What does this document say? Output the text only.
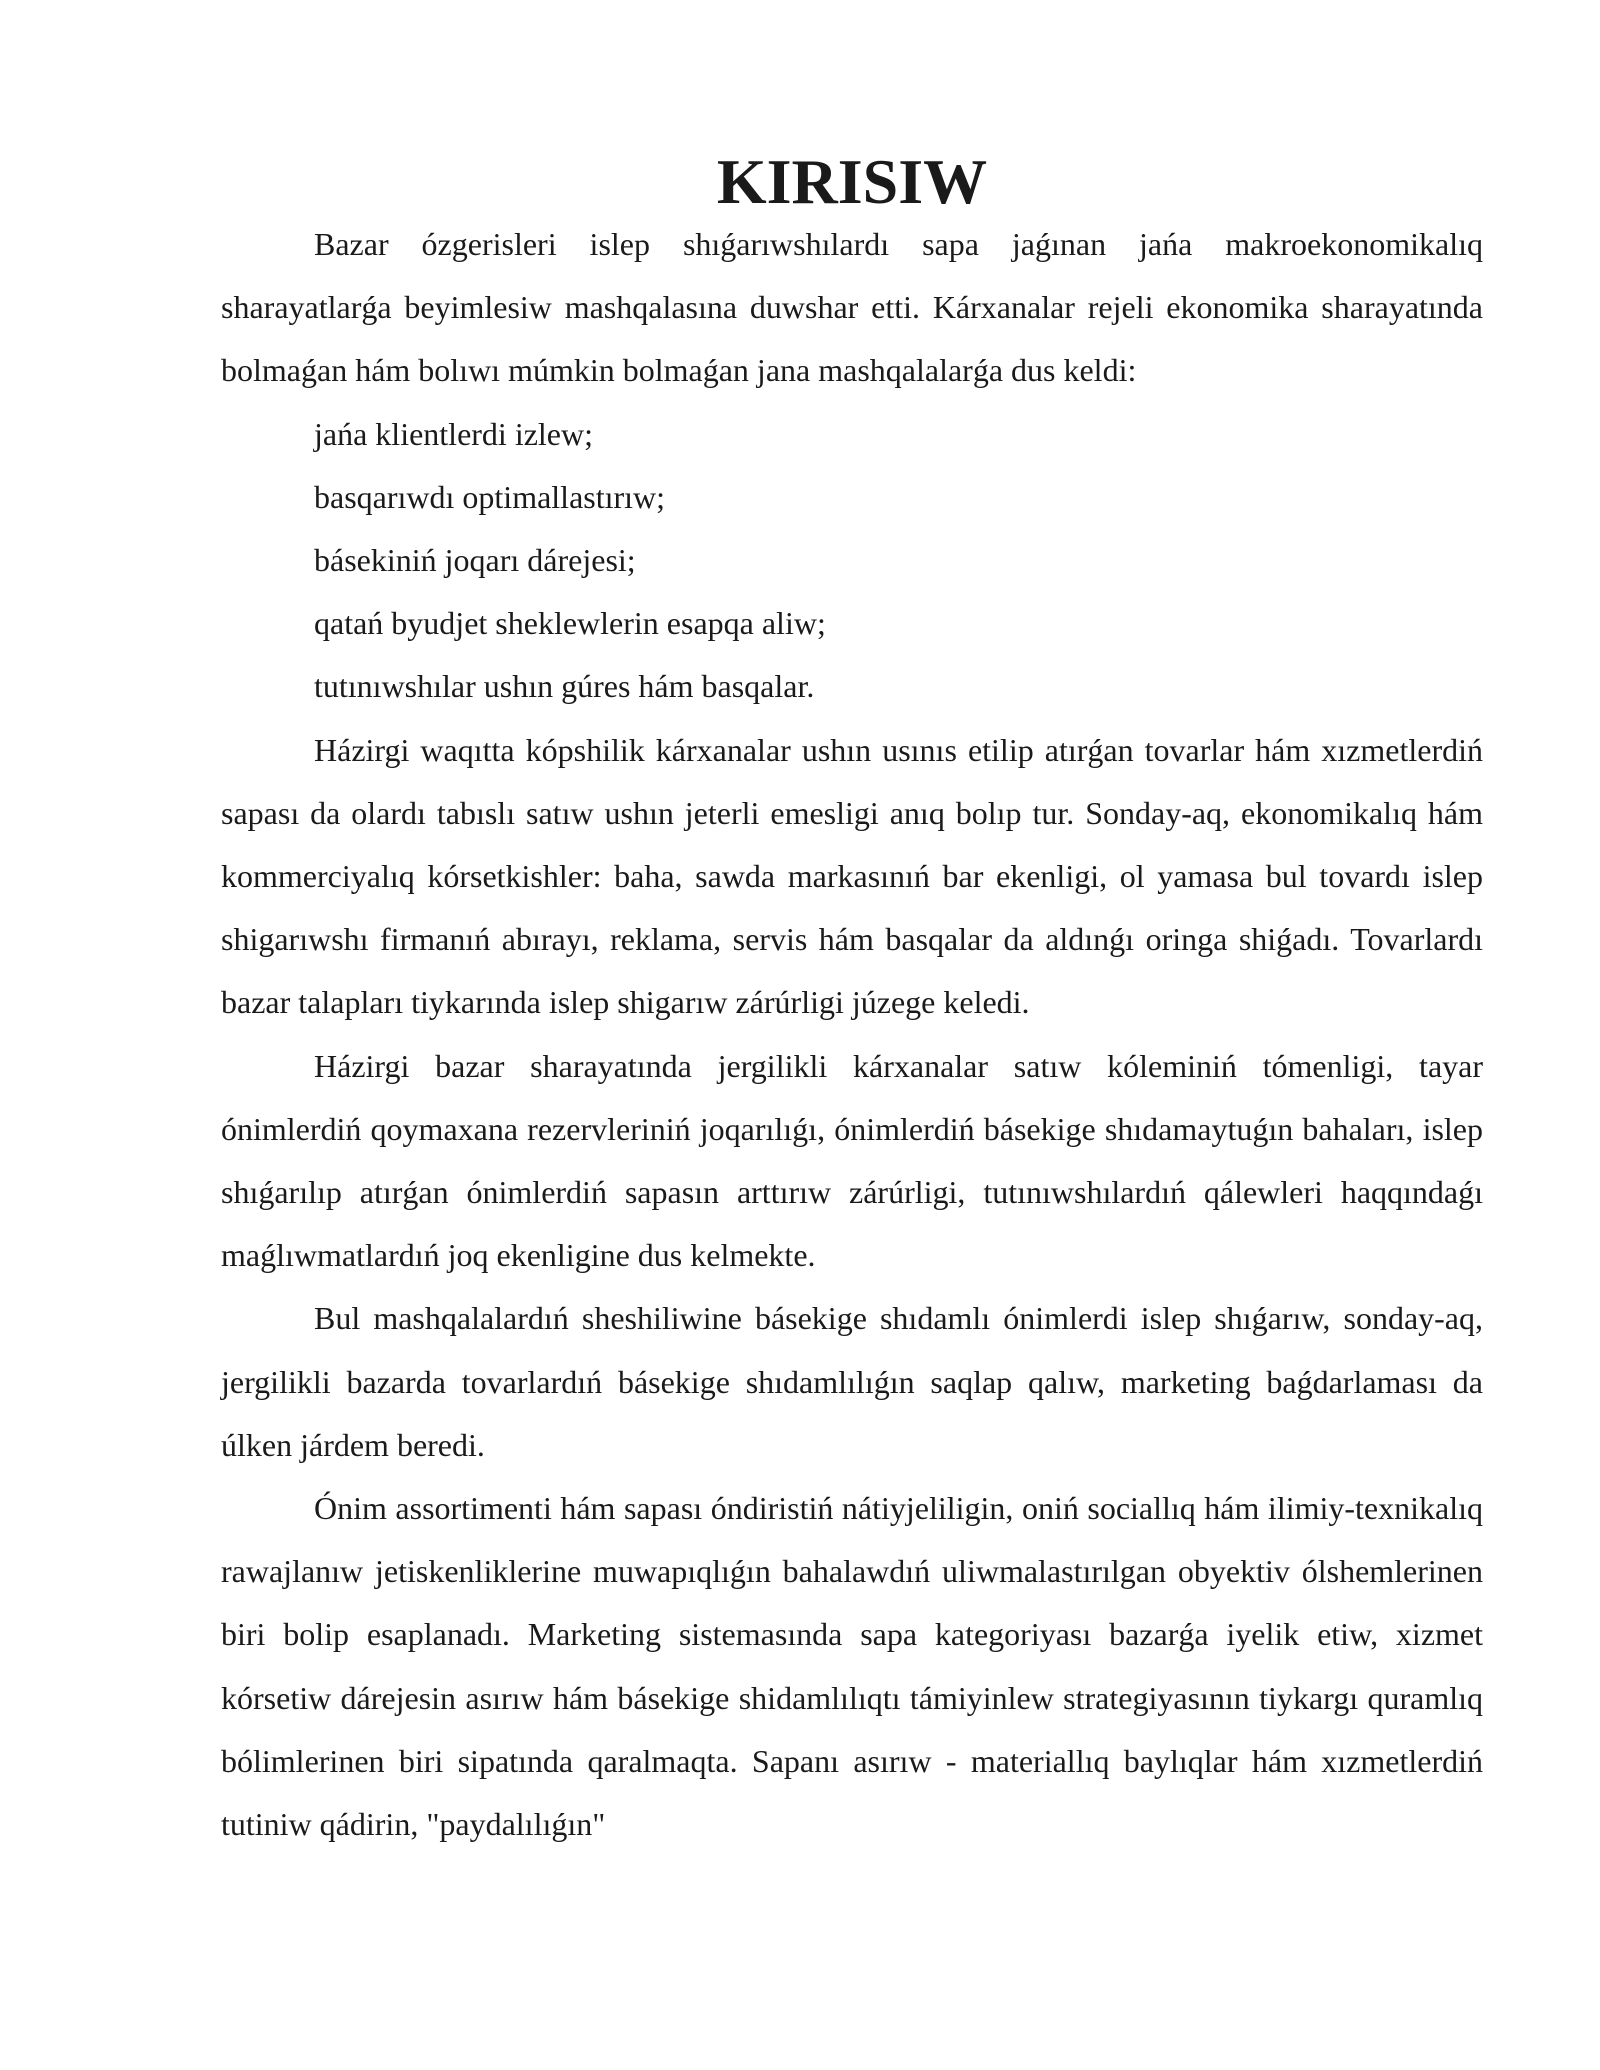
KIRISIW

Bazar ózgerisleri islep shıǵarıwshılardı sapa jaǵınan jańa makroekonomikalıq sharayatlarǵa beyimlesiw mashqalasına duwshar etti. Kárxanalar rejeli ekonomika sharayatında bolmaǵan hám bolıwı múmkin bolmaǵan jana mashqalalarǵa dus keldi:

jańa klientlerdi izlew;

basqarıwdı optimallastırıw;

básekiniń joqarı dárejesi;

qatań byudjet sheklewlerin esapqa aliw;

tutınıwshılar ushın gúres hám basqalar.

Házirgi waqıtta kópshilik kárxanalar ushın usınıs etilip atırǵan tovarlar hám xızmetlerdiń sapası da olardı tabıslı satıw ushın jeterli emesligi anıq bolıp tur. Sonday-aq, ekonomikalıq hám kommerciyalıq kórsetkishler: baha, sawda markasınıń bar ekenligi, ol yamasa bul tovardı islep shigarıwshı firmanıń abırayı, reklama, servis hám basqalar da aldınǵı oringa shiǵadı. Tovarlardı bazar talapları tiykarında islep shigarıw zárúrligi júzege keledi.

Házirgi bazar sharayatında jergilikli kárxanalar satıw kóleminiń tómenligi, tayar ónimlerdiń qoymaxana rezervleriniń joqarılıǵı, ónimlerdiń básekige shıdamaytuǵın bahaları, islep shıǵarılıp atırǵan ónimlerdiń sapasın arttırıw zárúrligi, tutınıwshılardıń qálewleri haqqındaǵı maǵlıwmatlardıń joq ekenligine dus kelmekte.

Bul mashqalalardıń sheshiliwine básekige shıdamlı ónimlerdi islep shıǵarıw, sonday-aq, jergilikli bazarda tovarlardıń básekige shıdamlılıǵın saqlap qalıw, marketing baǵdarlaması da úlken járdem beredi.

Ónim assortimenti hám sapası óndiristiń nátiyjeliligin, oniń sociallıq hám ilimiy-texnikalıq rawajlanıw jetiskenliklerine muwapıqlıǵın bahalawdıń uliwmalastırılgan obyektiv ólshemlerinen biri bolip esaplanadı. Marketing sistemasında sapa kategoriyası bazarǵa iyelik etiw, xizmet kórsetiw dárejesin asırıw hám básekige shidamlılıqtı támiyinlew strategiyasının tiykargı quramlıq bólimlerinen biri sipatında qaralmaqta. Sapanı asırıw - materiallıq baylıqlar hám xızmetlerdiń tutiniw qádirin, "paydalılıǵın"
